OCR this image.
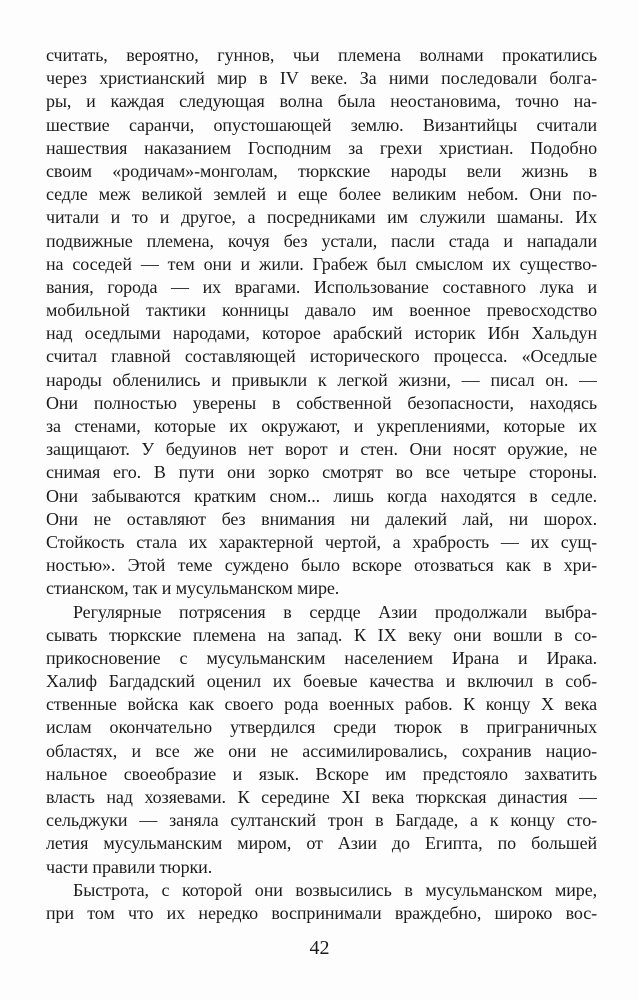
считать, вероятно, гуннов, чьи племена волнами прокатились
через христианский мир в IV веке. За ними последовали болга-
ры, и каждая следующая волна была неостановима, точно на-
шествие саранчи, опустошающей землю. Византийцы считали
нашествия наказанием Господним за грехи христиан. Подобно
своим «родичам»-монголам, тюркские народы вели жизнь в
седле меж великой землей и еще более великим небом. Они по-
читали и то и другое, а посредниками им служили шаманы. Их
подвижные племена, кочуя без устали, пасли стада и нападали
на соседей — тем они и жили. Грабеж был смыслом их существо-
вания, города — их врагами. Использование составного лука и
мобильной тактики конницы давало им военное превосходство
над оседлыми народами, которое арабский историк Ибн Хальдун
считал главной составляющей исторического процесса. «Оседлые
народы обленились и привыкли к легкой жизни, — писал он. —
Они полностью уверены в собственной безопасности, находясь
за стенами, которые их окружают, и укреплениями, которые их
защищают. У бедуинов нет ворот и стен. Они носят оружие, не
снимая его. В пути они зорко смотрят во все четыре стороны.
Они забываются кратким сном... лишь когда находятся в седле.
Они не оставляют без внимания ни далекий лай, ни шорох.
Стойкость стала их характерной чертой, а храбрость — их сущ-
ностью». Этой теме суждено было вскоре отозваться как в хри-
стианском, так и мусульманском мире.
Регулярные потрясения в сердце Азии продолжали выбра-
сывать тюркские племена на запад. К IX веку они вошли в со-
прикосновение с мусульманским населением Ирана и Ирака.
Халиф Багдадский оценил их боевые качества и включил в соб-
ственные войска как своего рода военных рабов. К концу X века
ислам окончательно утвердился среди тюрок в приграничных
областях, и все же они не ассимилировались, сохранив нацио-
нальное своеобразие и язык. Вскоре им предстояло захватить
власть над хозяевами. К середине XI века тюркская династия —
сельджуки — заняла султанский трон в Багдаде, а к концу сто-
летия мусульманским миром, от Азии до Египта, по большей
части правили тюрки.
Быстрота, с которой они возвысились в мусульманском мире,
при том что их нередко воспринимали враждебно, широко вос-
42
